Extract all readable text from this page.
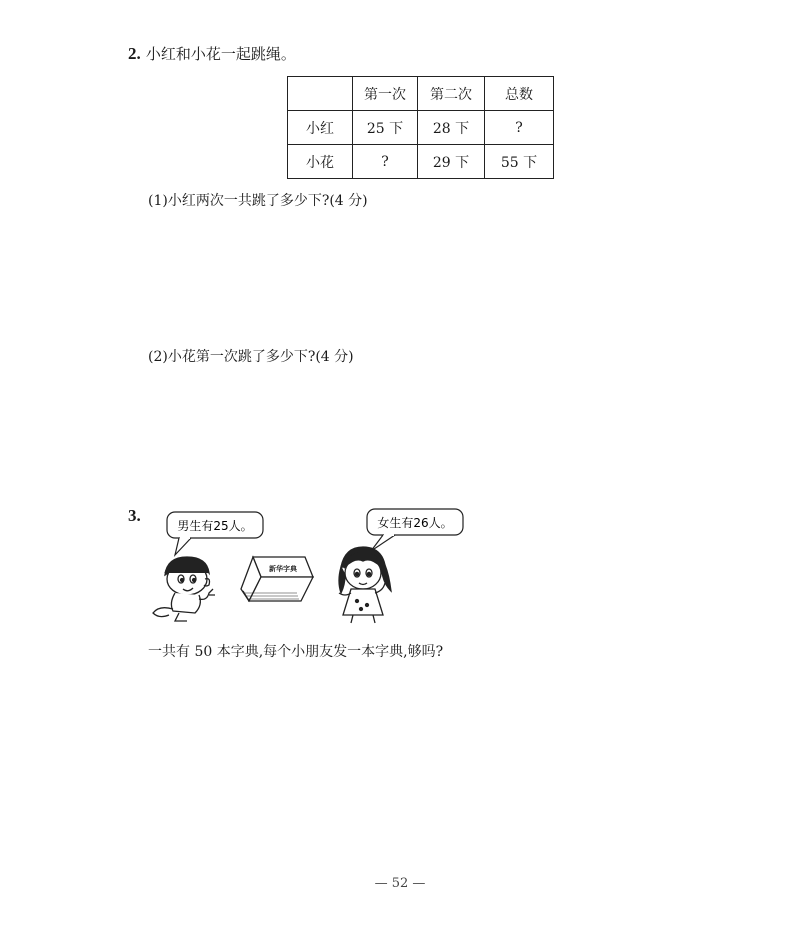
2. 小红和小花一起跳绳。
	第一次	第二次	总数
小红	25 下	28 下	?
小花	?	29 下	55 下
(1)小红两次一共跳了多少下?(4 分)
(2)小花第一次跳了多少下?(4 分)
3.
男生有25人。
新华字典
女生有26人。
一共有 50 本字典,每个小朋友发一本字典,够吗?
— 52 —
